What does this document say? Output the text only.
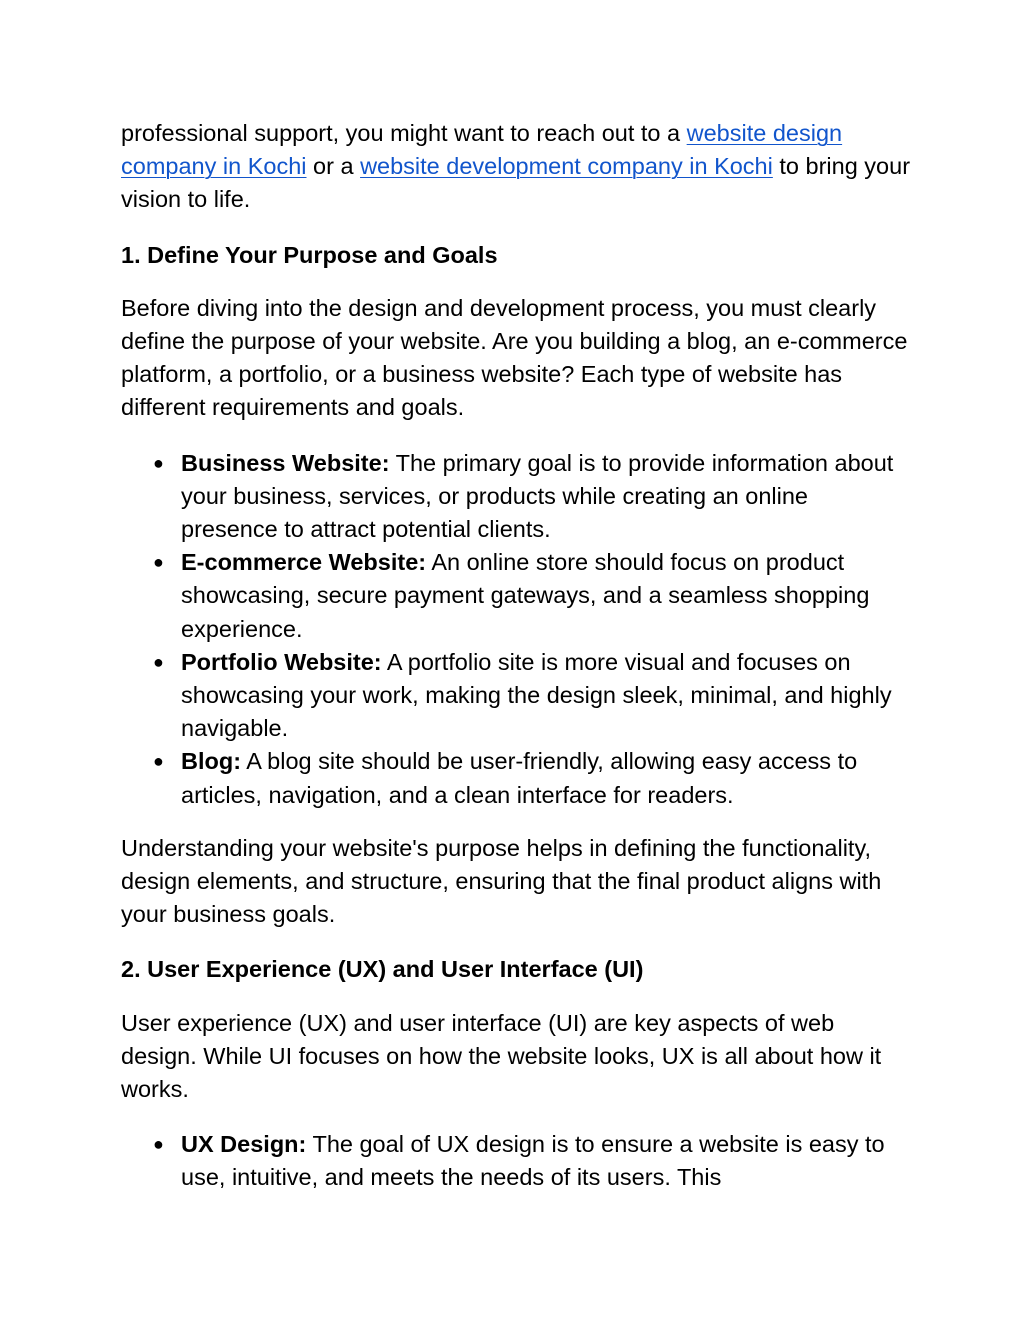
professional support, you might want to reach out to a website design company in Kochi or a website development company in Kochi to bring your vision to life.

1. Define Your Purpose and Goals

Before diving into the design and development process, you must clearly define the purpose of your website. Are you building a blog, an e-commerce platform, a portfolio, or a business website? Each type of website has different requirements and goals.

● Business Website: The primary goal is to provide information about your business, services, or products while creating an online presence to attract potential clients.
● E-commerce Website: An online store should focus on product showcasing, secure payment gateways, and a seamless shopping experience.
● Portfolio Website: A portfolio site is more visual and focuses on showcasing your work, making the design sleek, minimal, and highly navigable.
● Blog: A blog site should be user-friendly, allowing easy access to articles, navigation, and a clean interface for readers.

Understanding your website's purpose helps in defining the functionality, design elements, and structure, ensuring that the final product aligns with your business goals.

2. User Experience (UX) and User Interface (UI)

User experience (UX) and user interface (UI) are key aspects of web design. While UI focuses on how the website looks, UX is all about how it works.

● UX Design: The goal of UX design is to ensure a website is easy to use, intuitive, and meets the needs of its users. This
